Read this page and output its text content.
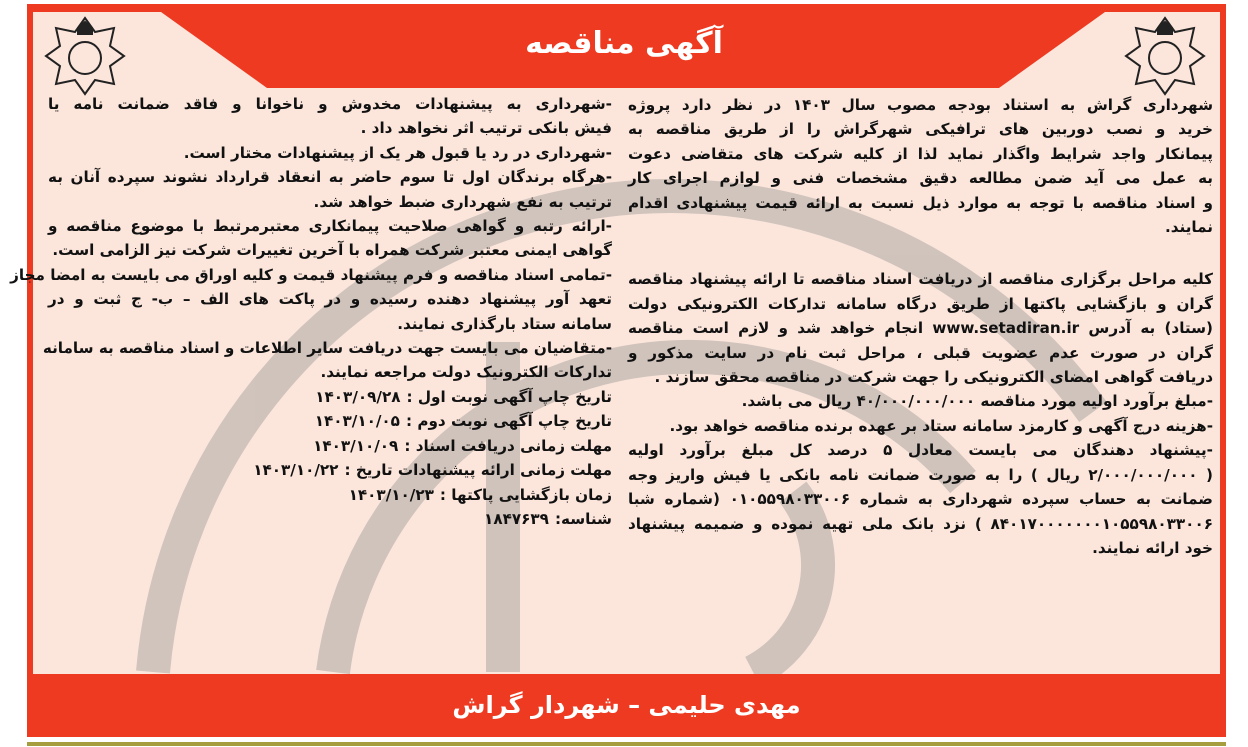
آگهی مناقصه
شهرداری گراش به استناد بودجه مصوب سال ۱۴۰۳ در نظر دارد پروژه
خرید و نصب دوربین های ترافیکی شهرگراش را از طریق مناقصه به
پیمانکار واجد شرایط واگذار نماید لذا از کلیه شرکت های متقاضی دعوت
به عمل می آید ضمن مطالعه دقیق مشخصات فنی و لوازم اجرای کار
و اسناد مناقصه با توجه به موارد ذیل نسبت به ارائه قیمت پیشنهادی اقدام
نمایند.
کلیه مراحل برگزاری مناقصه از دریافت اسناد مناقصه تا ارائه پیشنهاد مناقصه
گران و بازگشایی پاکتها از طریق درگاه سامانه تدارکات الکترونیکی دولت
(ستاد) به آدرس www.setadiran.ir انجام خواهد شد و لازم است مناقصه
گران در صورت عدم عضویت قبلی ، مراحل ثبت نام در سایت مذکور و
دریافت گواهی امضای الکترونیکی را جهت شرکت در مناقصه محقق سازند .
-مبلغ برآورد اولیه مورد مناقصه ۴۰/۰۰۰/۰۰۰/۰۰۰ ریال می باشد.
-هزینه درج آگهی و کارمزد سامانه ستاد بر عهده برنده مناقصه خواهد بود.
-پیشنهاد دهندگان می بایست معادل ۵ درصد کل مبلغ برآورد اولیه
( ۲/۰۰۰/۰۰۰/۰۰۰ ریال ) را به صورت ضمانت نامه بانکی یا فیش واریز وجه
ضمانت به حساب سپرده شهرداری به شماره ۰۱۰۵۵۹۸۰۳۳۰۰۶ (شماره شبا
۸۴۰۱۷۰۰۰۰۰۰۰۱۰۵۵۹۸۰۳۳۰۰۶ ) نزد بانک ملی تهیه نموده و ضمیمه پیشنهاد
خود ارائه نمایند.
-شهرداری به پیشنهادات مخدوش و ناخوانا و فاقد ضمانت نامه یا
فیش بانکی ترتیب اثر نخواهد داد .
-شهرداری در رد یا قبول هر یک از پیشنهادات مختار است.
-هرگاه برندگان اول تا سوم حاضر به انعقاد قرارداد نشوند سپرده آنان به
ترتیب به نفع شهرداری ضبط خواهد شد.
-ارائه رتبه و گواهی صلاحیت پیمانکاری معتبرمرتبط با موضوع مناقصه و
گواهی ایمنی معتبر شرکت همراه با آخرین تغییرات شرکت نیز الزامی است.
-تمامی اسناد مناقصه و فرم پیشنهاد قیمت و کلیه اوراق می بایست به امضا مجاز
تعهد آور پیشنهاد دهنده رسیده و در پاکت های الف – ب- ج ثبت و در
سامانه ستاد بارگذاری نمایند.
-متقاضیان می بایست جهت دریافت سایر اطلاعات و اسناد مناقصه به سامانه
تدارکات الکترونیک دولت مراجعه نمایند.
تاریخ چاپ آگهی نوبت اول :۱۴۰۳/۰۹/۲۸
تاریخ چاپ آگهی نوبت دوم :۱۴۰۳/۱۰/۰۵
مهلت زمانی دریافت اسناد :۱۴۰۳/۱۰/۰۹
مهلت زمانی ارائه پیشنهادات تاریخ :۱۴۰۳/۱۰/۲۲
زمان بازگشایی پاکتها :۱۴۰۳/۱۰/۲۳
شناسه:۱۸۴۷۶۳۹
مهدی حلیمی – شهردار گراش
